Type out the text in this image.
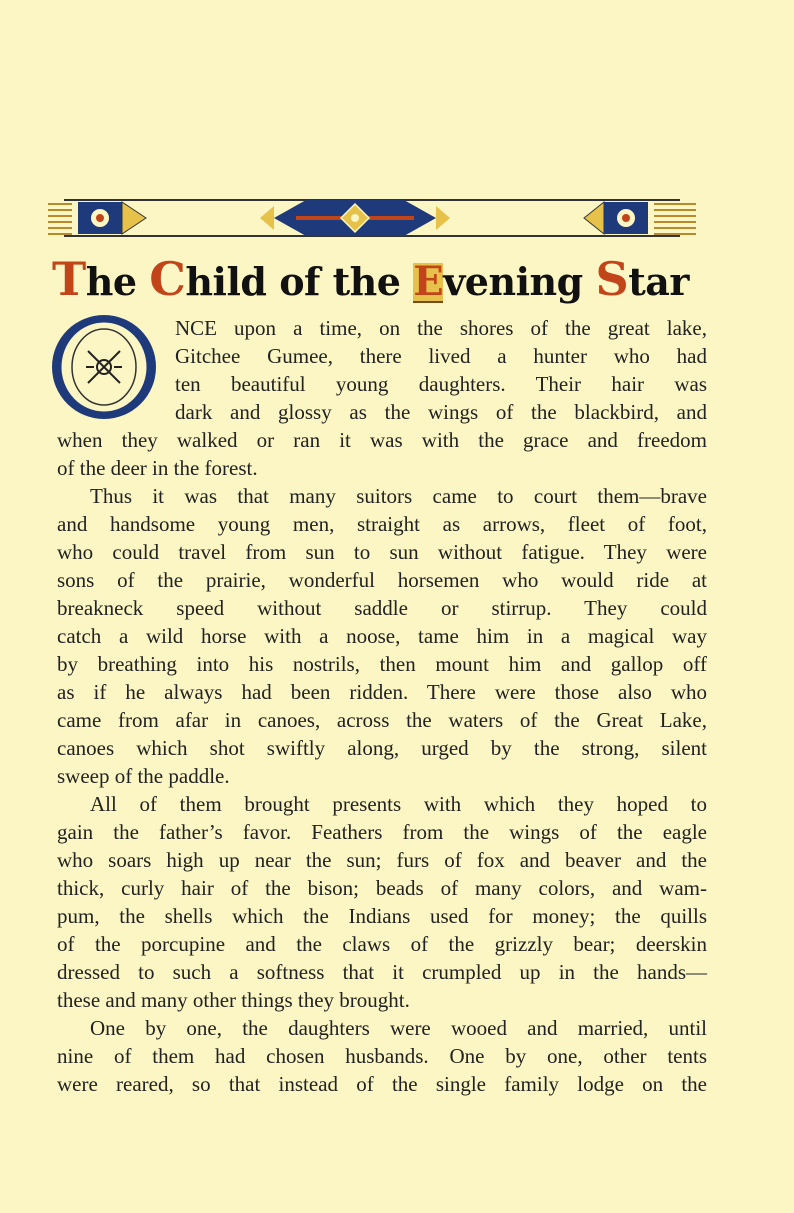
The Child of the Evening Star
NCE upon a time, on the shores of the great lake,
Gitchee Gumee, there lived a hunter who had
ten beautiful young daughters. Their hair was
dark and glossy as the wings of the blackbird, and
when they walked or ran it was with the grace and freedom
of the deer in the forest.
Thus it was that many suitors came to court them—brave
and handsome young men, straight as arrows, fleet of foot,
who could travel from sun to sun without fatigue. They were
sons of the prairie, wonderful horsemen who would ride at
breakneck speed without saddle or stirrup. They could
catch a wild horse with a noose, tame him in a magical way
by breathing into his nostrils, then mount him and gallop off
as if he always had been ridden. There were those also who
came from afar in canoes, across the waters of the Great Lake,
canoes which shot swiftly along, urged by the strong, silent
sweep of the paddle.
All of them brought presents with which they hoped to
gain the father’s favor. Feathers from the wings of the eagle
who soars high up near the sun; furs of fox and beaver and the
thick, curly hair of the bison; beads of many colors, and wam-
pum, the shells which the Indians used for money; the quills
of the porcupine and the claws of the grizzly bear; deerskin
dressed to such a softness that it crumpled up in the hands—
these and many other things they brought.
One by one, the daughters were wooed and married, until
nine of them had chosen husbands. One by one, other tents
were reared, so that instead of the single family lodge on the
